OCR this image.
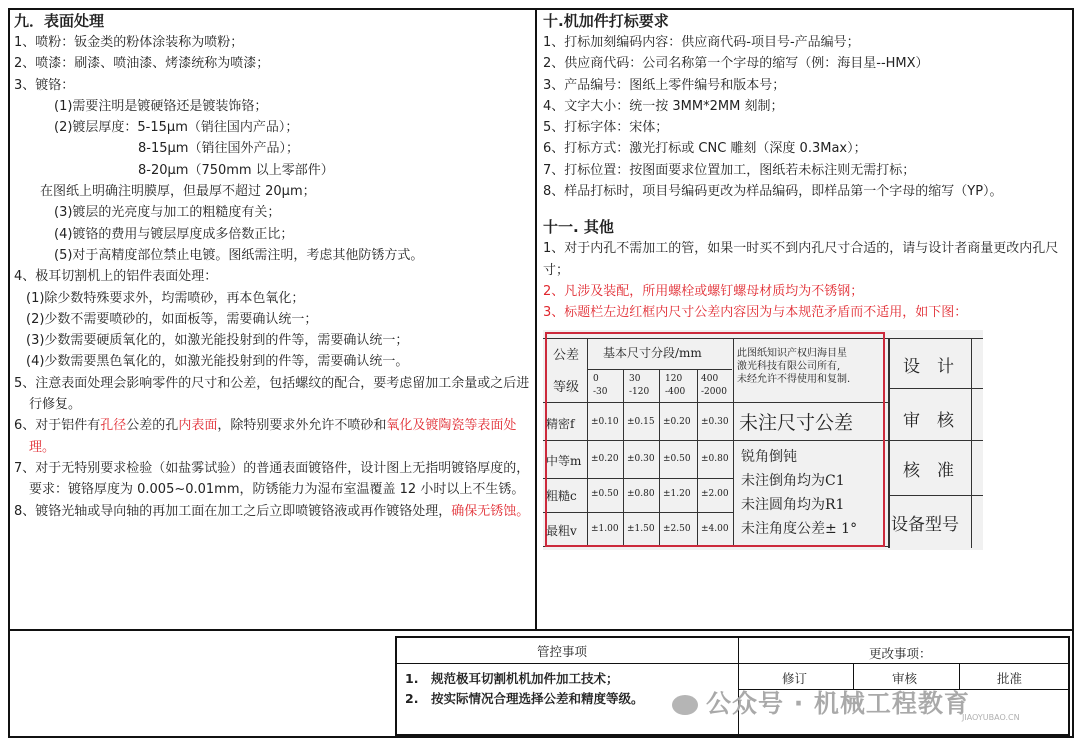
九．表面处理
1、喷粉：钣金类的粉体涂装称为喷粉；
2、喷漆：刷漆、喷油漆、烤漆统称为喷漆；
3、镀铬：
(1)需要注明是镀硬铬还是镀装饰铬；
(2)镀层厚度：5-15μm（销往国内产品）；
8-15μm（销往国外产品）；
8-20μm（750mm 以上零部件）
在图纸上明确注明膜厚，但最厚不超过 20μm；
(3)镀层的光亮度与加工的粗糙度有关；
(4)镀铬的费用与镀层厚度成多倍数正比；
(5)对于高精度部位禁止电镀。图纸需注明，考虑其他防锈方式。
4、极耳切割机上的铝件表面处理：
(1)除少数特殊要求外，均需喷砂，再本色氧化；
(2)少数不需要喷砂的，如面板等，需要确认统一；
(3)少数需要硬质氧化的，如激光能投射到的件等，需要确认统一；
(4)少数需要黑色氧化的，如激光能投射到的件等，需要确认统一。
5、注意表面处理会影响零件的尺寸和公差，包括螺纹的配合，要考虑留加工余量或之后进行修复。
6、对于铝件有孔径公差的孔内表面，除特别要求外允许不喷砂和氧化及镀陶瓷等表面处理。
7、对于无特别要求检验（如盐雾试验）的普通表面镀铬件，设计图上无指明镀铬厚度的，要求：镀铬厚度为 0.005~0.01mm，防锈能力为湿布室温覆盖 12 小时以上不生锈。
8、镀铬光轴或导向轴的再加工面在加工之后立即喷镀铬液或再作镀铬处理，确保无锈蚀。
十.机加件打标要求
1、打标加刻编码内容：供应商代码-项目号-产品编号；
2、供应商代码：公司名称第一个字母的缩写（例：海目星--HMX）
3、产品编号：图纸上零件编号和版本号；
4、文字大小：统一按 3MM*2MM 刻制；
5、打标字体：宋体；
6、打标方式：激光打标或 CNC 雕刻（深度 0.3Max）；
7、打标位置：按图面要求位置加工，图纸若未标注则无需打标；
8、样品打标时，项目号编码更改为样品编码，即样品第一个字母的缩写（YP）。
十一. 其他
1、对于内孔不需加工的管，如果一时买不到内孔尺寸合适的，请与设计者商量更改内孔尺寸；
2、凡涉及装配，所用螺栓或螺钉螺母材质均为不锈钢；
3、标题栏左边红框内尺寸公差内容因为与本规范矛盾而不适用，如下图：
公差
等级
基本尺寸分段/mm
0
-30
30
-120
120
-400
400
-2000
精密f ±0.10 ±0.15 ±0.20 ±0.30
中等m ±0.20 ±0.30 ±0.50 ±0.80
粗糙c ±0.50 ±0.80 ±1.20 ±2.00
最粗v ±1.00 ±1.50 ±2.50 ±4.00
此图纸知识产权归海目星
激光科技有限公司所有,
未经允许不得使用和复制.
未注尺寸公差
锐角倒钝
未注倒角均为C1
未注圆角均为R1
未注角度公差± 1°
设　计
审　核
核　准
设备型号
管控事项
1.　规范极耳切割机机加件加工技术；
2.　按实际情况合理选择公差和精度等级。
更改事项：
修订	审核	批准
公众号 · 机械工程教育
JIAOYUBAO.CN
